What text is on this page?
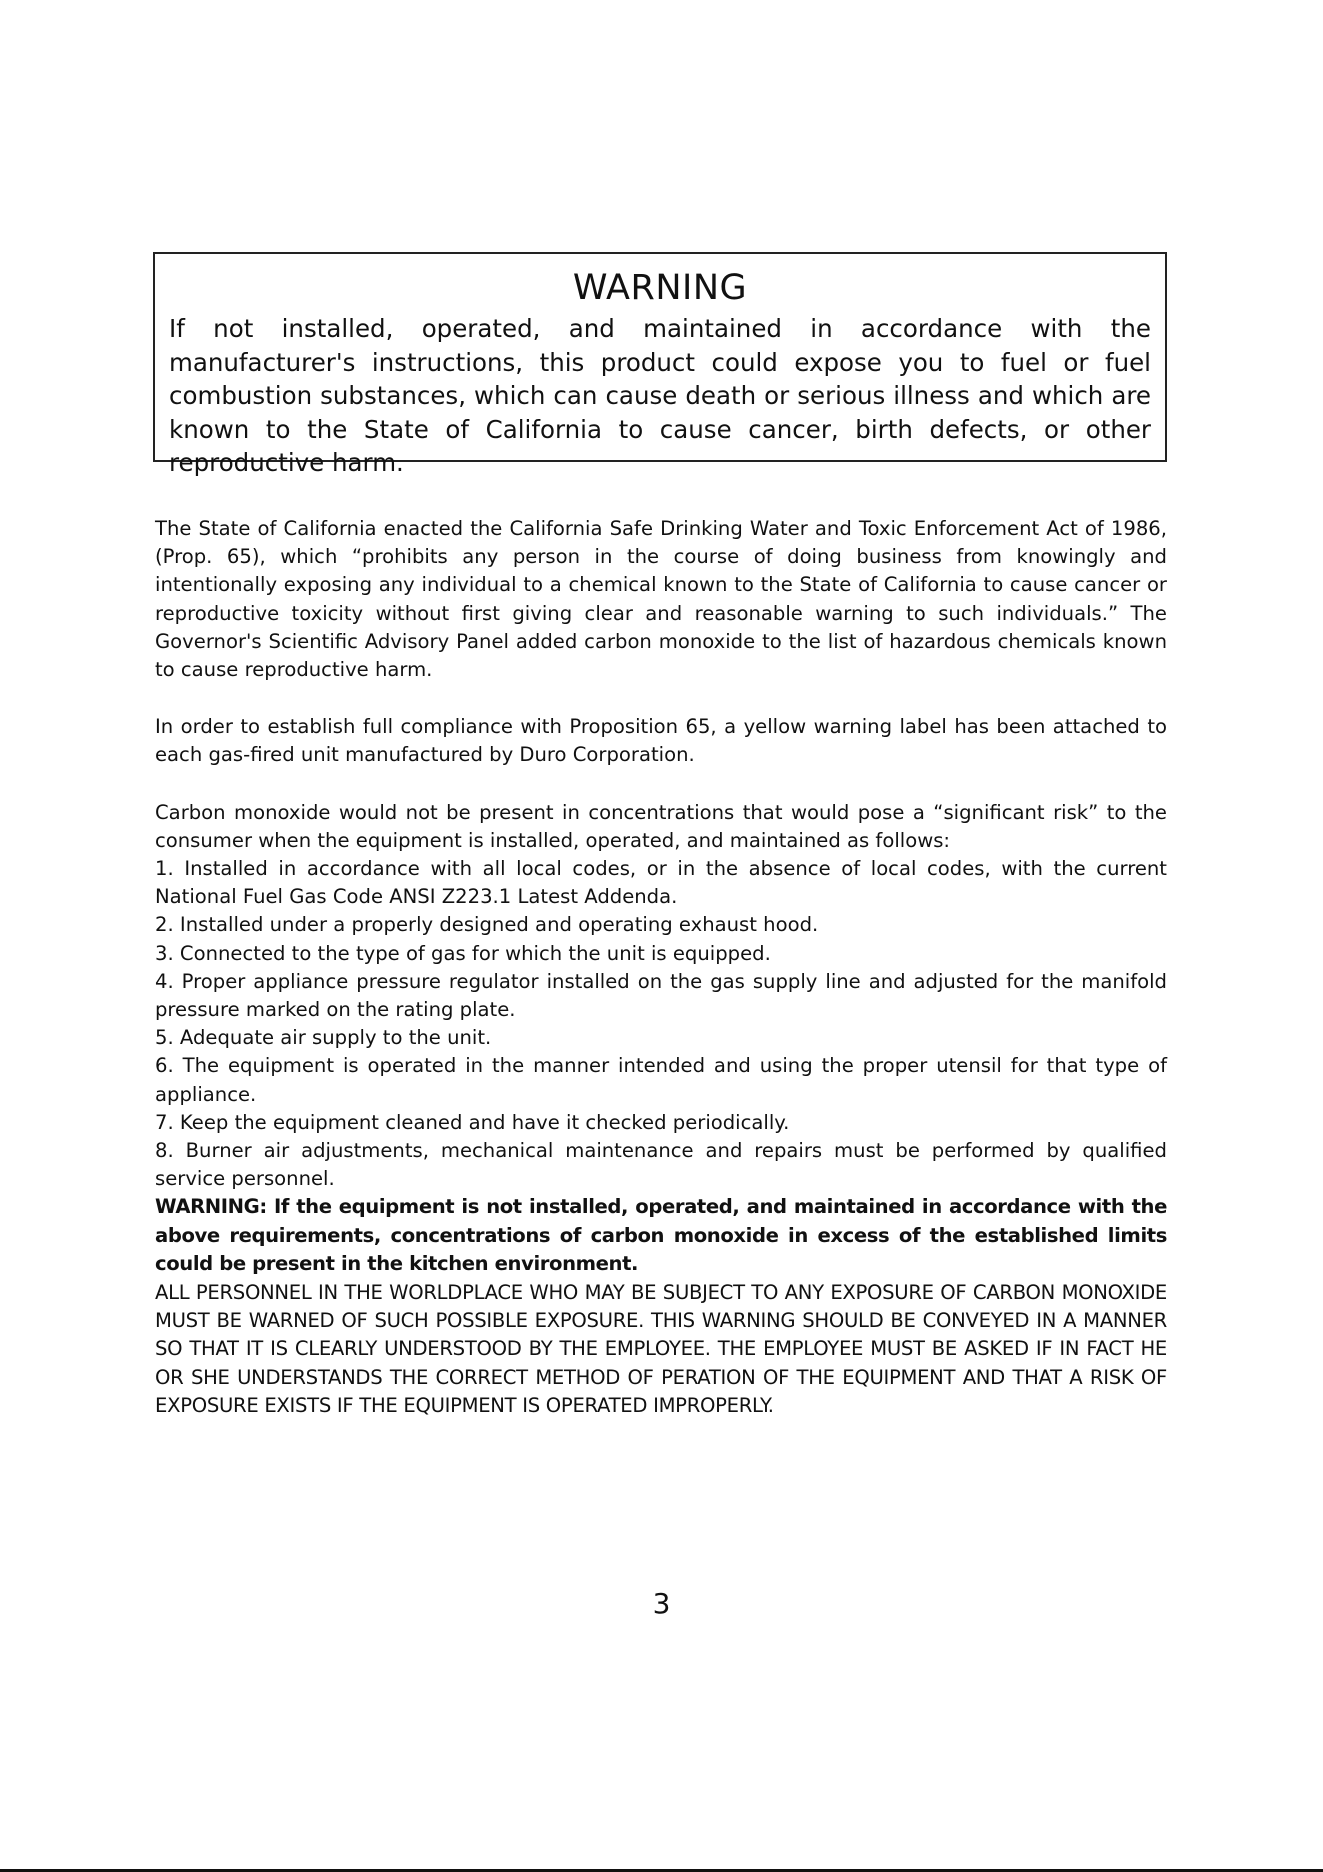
WARNING

If not installed, operated, and maintained in accordance with the manufacturer's instructions, this product could expose you to fuel or fuel combustion substances, which can cause death or serious illness and which are known to the State of California to cause cancer, birth defects, or other reproductive harm.

The State of California enacted the California Safe Drinking Water and Toxic Enforcement Act of 1986, (Prop. 65), which “prohibits any person in the course of doing business from knowingly and intentionally exposing any individual to a chemical known to the State of California to cause cancer or reproductive toxicity without first giving clear and reasonable warning to such individuals.” The Governor's Scientific Advisory Panel added carbon monoxide to the list of hazardous chemicals known to cause reproductive harm.

In order to establish full compliance with Proposition 65, a yellow warning label has been attached to each gas-fired unit manufactured by Duro Corporation.

Carbon monoxide would not be present in concentrations that would pose a “significant risk” to the consumer when the equipment is installed, operated, and maintained as follows:

1. Installed in accordance with all local codes, or in the absence of local codes, with the current National Fuel Gas Code ANSI Z223.1 Latest Addenda.
2. Installed under a properly designed and operating exhaust hood.
3. Connected to the type of gas for which the unit is equipped.
4. Proper appliance pressure regulator installed on the gas supply line and adjusted for the manifold pressure marked on the rating plate.
5. Adequate air supply to the unit.
6. The equipment is operated in the manner intended and using the proper utensil for that type of appliance.
7. Keep the equipment cleaned and have it checked periodically.
8. Burner air adjustments, mechanical maintenance and repairs must be performed by qualified service personnel.

WARNING: If the equipment is not installed, operated, and maintained in accordance with the above requirements, concentrations of carbon monoxide in excess of the established limits could be present in the kitchen environment.

ALL PERSONNEL IN THE WORLDPLACE WHO MAY BE SUBJECT TO ANY EXPOSURE OF CARBON MONOXIDE MUST BE WARNED OF SUCH POSSIBLE EXPOSURE. THIS WARNING SHOULD BE CONVEYED IN A MANNER SO THAT IT IS CLEARLY UNDERSTOOD BY THE EMPLOYEE. THE EMPLOYEE MUST BE ASKED IF IN FACT HE OR SHE UNDERSTANDS THE CORRECT METHOD OF PERATION OF THE EQUIPMENT AND THAT A RISK OF EXPOSURE EXISTS IF THE EQUIPMENT IS OPERATED IMPROPERLY.

3
